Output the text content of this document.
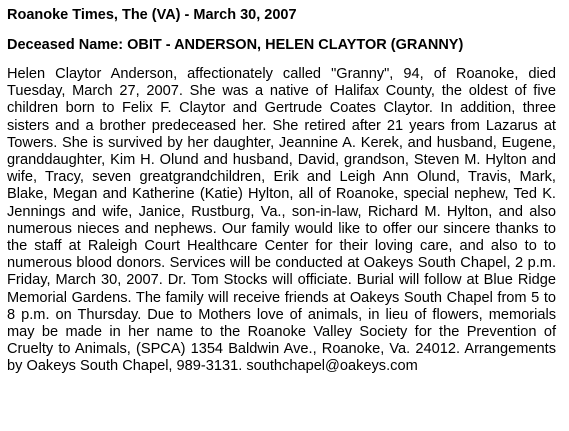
Roanoke Times, The (VA) - March 30, 2007

Deceased Name: OBIT - ANDERSON, HELEN CLAYTOR (GRANNY)

Helen Claytor Anderson, affectionately called "Granny", 94, of Roanoke, died Tuesday, March 27, 2007. She was a native of Halifax County, the oldest of five children born to Felix F. Claytor and Gertrude Coates Claytor. In addition, three sisters and a brother predeceased her. She retired after 21 years from Lazarus at Towers. She is survived by her daughter, Jeannine A. Kerek, and husband, Eugene, granddaughter, Kim H. Olund and husband, David, grandson, Steven M. Hylton and wife, Tracy, seven greatgrandchildren, Erik and Leigh Ann Olund, Travis, Mark, Blake, Megan and Katherine (Katie) Hylton, all of Roanoke, special nephew, Ted K. Jennings and wife, Janice, Rustburg, Va., son-in-law, Richard M. Hylton, and also numerous nieces and nephews. Our family would like to offer our sincere thanks to the staff at Raleigh Court Healthcare Center for their loving care, and also to to numerous blood donors. Services will be conducted at Oakeys South Chapel, 2 p.m. Friday, March 30, 2007. Dr. Tom Stocks will officiate. Burial will follow at Blue Ridge Memorial Gardens. The family will receive friends at Oakeys South Chapel from 5 to 8 p.m. on Thursday. Due to Mothers love of animals, in lieu of flowers, memorials may be made in her name to the Roanoke Valley Society for the Prevention of Cruelty to Animals, (SPCA) 1354 Baldwin Ave., Roanoke, Va. 24012. Arrangements by Oakeys South Chapel, 989-3131. southchapel@oakeys.com
